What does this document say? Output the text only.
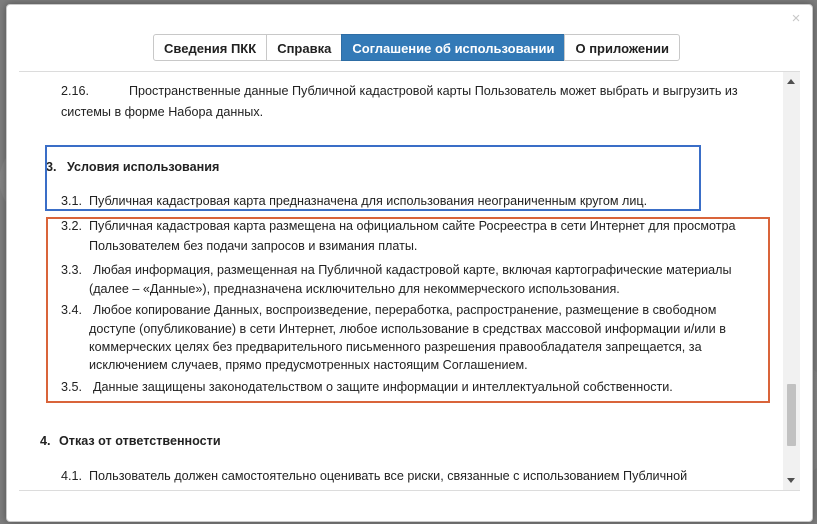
×
Сведения ПКК	Справка	Соглашение об использовании	О приложении
2.16.	Пространственные данные Публичной кадастровой карты Пользователь может выбрать и выгрузить из
системы в форме Набора данных.
3. Условия использования
3.1. Публичная кадастровая карта предназначена для использования неограниченным кругом лиц.
3.2. Публичная кадастровая карта размещена на официальном сайте Росреестра в сети Интернет для просмотра
Пользователем без подачи запросов и взимания платы.
3.3. Любая информация, размещенная на Публичной кадастровой карте, включая картографические материалы
(далее – «Данные»), предназначена исключительно для некоммерческого использования.
3.4. Любое копирование Данных, воспроизведение, переработка, распространение, размещение в свободном
доступе (опубликование) в сети Интернет, любое использование в средствах массовой информации и/или в
коммерческих целях без предварительного письменного разрешения правообладателя запрещается, за
исключением случаев, прямо предусмотренных настоящим Соглашением.
3.5. Данные защищены законодательством о защите информации и интеллектуальной собственности.
4. Отказ от ответственности
4.1. Пользователь должен самостоятельно оценивать все риски, связанные с использованием Публичной
